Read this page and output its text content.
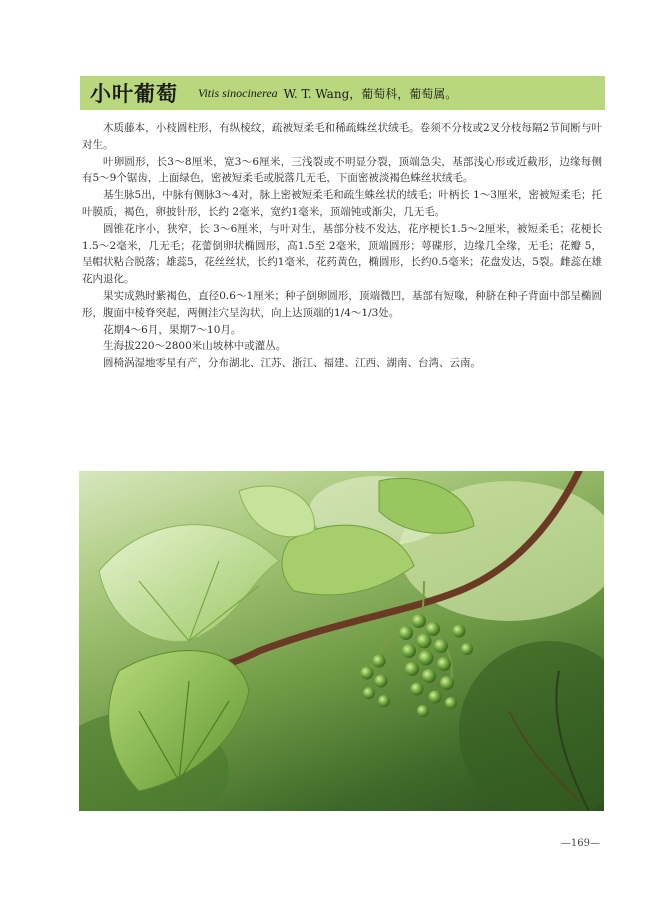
小叶葡萄 Vitis sinocinerea W. T. Wang，葡萄科，葡萄属。

木质藤本，小枝圆柱形，有纵棱纹，疏被短柔毛和稀疏蛛丝状绒毛。卷须不分枝或2叉分枝每隔2节间断与叶对生。

叶卵圆形，长3～8厘米，宽3～6厘米，三浅裂或不明显分裂，顶端急尖，基部浅心形或近截形，边缘每侧有5～9个锯齿，上面绿色，密被短柔毛或脱落几无毛，下面密被淡褐色蛛丝状绒毛。

基生脉5出，中脉有侧脉3～4对，脉上密被短柔毛和疏生蛛丝状的绒毛；叶柄长 1～3厘米，密被短柔毛；托叶膜质，褐色，卵披针形，长约 2毫米，宽约1毫米，顶端钝或渐尖，几无毛。

圆锥花序小，狭窄，长 3～6厘米，与叶对生，基部分枝不发达，花序梗长1.5～2厘米，被短柔毛；花梗长1.5～2毫米，几无毛；花蕾倒卵状椭圆形，高1.5至 2毫米，顶端圆形；萼碟形，边缘几全缘，无毛；花瓣 5，呈帽状粘合脱落；雄蕊5，花丝丝状，长约1毫米，花药黄色，椭圆形，长约0.5毫米；花盘发达，5裂。雌蕊在雄花内退化。

果实成熟时紫褐色，直径0.6～1厘米；种子倒卵圆形，顶端微凹，基部有短喙，种脐在种子背面中部呈椭圆形，腹面中棱脊突起，两侧洼穴呈沟状，向上达顶端的1/4～1/3处。

花期4～6月，果期7～10月。

生海拔220～2800米山坡林中或灌丛。

圆椅涡湿地零星有产，分布湖北、江苏、浙江、福建、江西、湖南、台湾、云南。

—169—
